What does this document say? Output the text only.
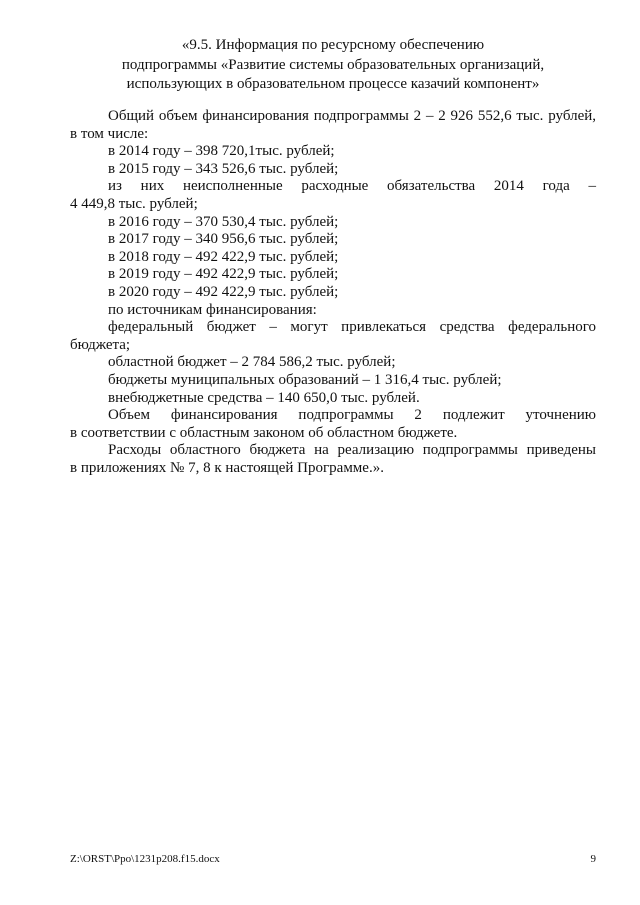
«9.5. Информация по ресурсному обеспечению
подпрограммы «Развитие системы образовательных организаций,
использующих в образовательном процессе казачий компонент»
Общий объем финансирования подпрограммы 2 – 2 926 552,6 тыс. рублей,
в том числе:
в 2014 году – 398 720,1тыс. рублей;
в 2015 году – 343 526,6 тыс. рублей;
из них неисполненные расходные обязательства 2014 года –
4 449,8 тыс. рублей;
в 2016 году – 370 530,4 тыс. рублей;
в 2017 году – 340 956,6 тыс. рублей;
в 2018 году – 492 422,9 тыс. рублей;
в 2019 году – 492 422,9 тыс. рублей;
в 2020 году – 492 422,9 тыс. рублей;
по источникам финансирования:
федеральный бюджет – могут привлекаться средства федерального
бюджета;
областной бюджет – 2 784 586,2 тыс. рублей;
бюджеты муниципальных образований – 1 316,4 тыс. рублей;
внебюджетные средства – 140 650,0 тыс. рублей.
Объем финансирования подпрограммы 2 подлежит уточнению
в соответствии с областным законом об областном бюджете.
Расходы областного бюджета на реализацию подпрограммы приведены
в приложениях № 7, 8 к настоящей Программе.».
Z:\ORST\Ppo\1231p208.f15.docx	9
